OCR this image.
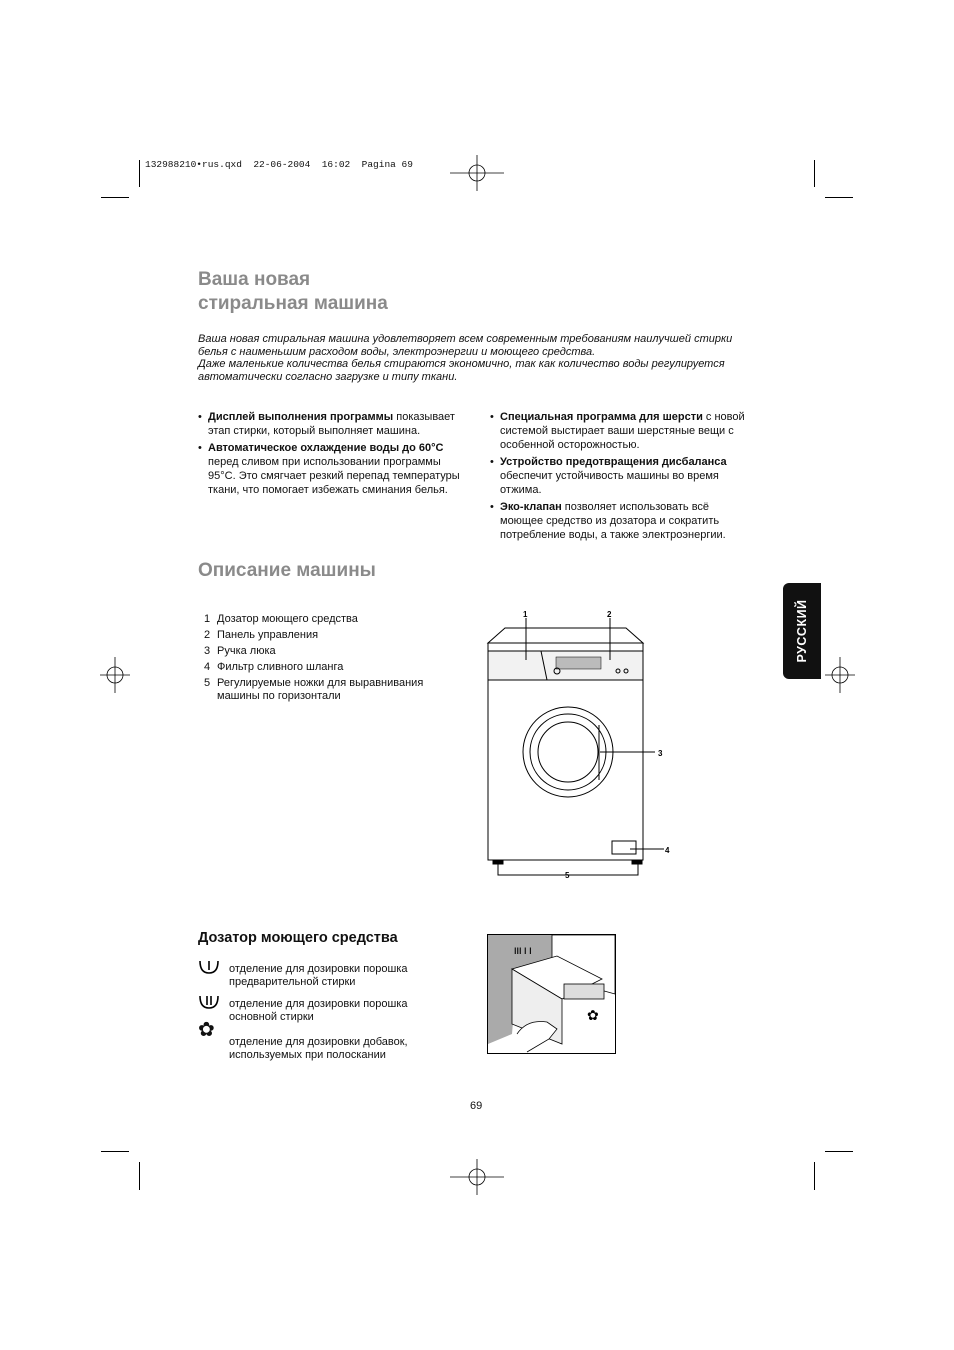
132988210•rus.qxd  22-06-2004  16:02  Pagina 69
Ваша новая
стиральная машина
Ваша новая стиральная машина удовлетворяет всем современным требованиям наилучшей стирки
белья с наименьшим расходом воды, электроэнергии и моющего средства.
Даже маленькие количества белья стираются экономично, так как количество воды регулируется
автоматически согласно загрузке и типу ткани.
• Дисплей выполнения программы показывает этап стирки, который выполняет машина.
• Автоматическое охлаждение воды до 60°C перед сливом при использовании программы 95°C. Это смягчает резкий перепад температуры ткани, что помогает избежать сминания белья.
• Специальная программа для шерсти с новой системой выстирает ваши шерстяные вещи с особенной осторожностью.
• Устройство предотвращения дисбаланса обеспечит устойчивость машины во время отжима.
• Эко-клапан позволяет использовать всё моющее средство из дозатора и сократить потребление воды, а также электроэнергии.
Описание машины
1 Дозатор моющего средства
2 Панель управления
3 Ручка люка
4 Фильтр сливного шланга
5 Регулируемые ножки для выравнивания машины по горизонтали
1	2
3
4
5
РУССКИЙ
Дозатор моющего средства
отделение для дозировки порошка предварительной стирки
отделение для дозировки порошка основной стирки
✿
отделение для дозировки добавок, используемых при полоскании
ǀǀǀ ǀ ǀ
✿
69
